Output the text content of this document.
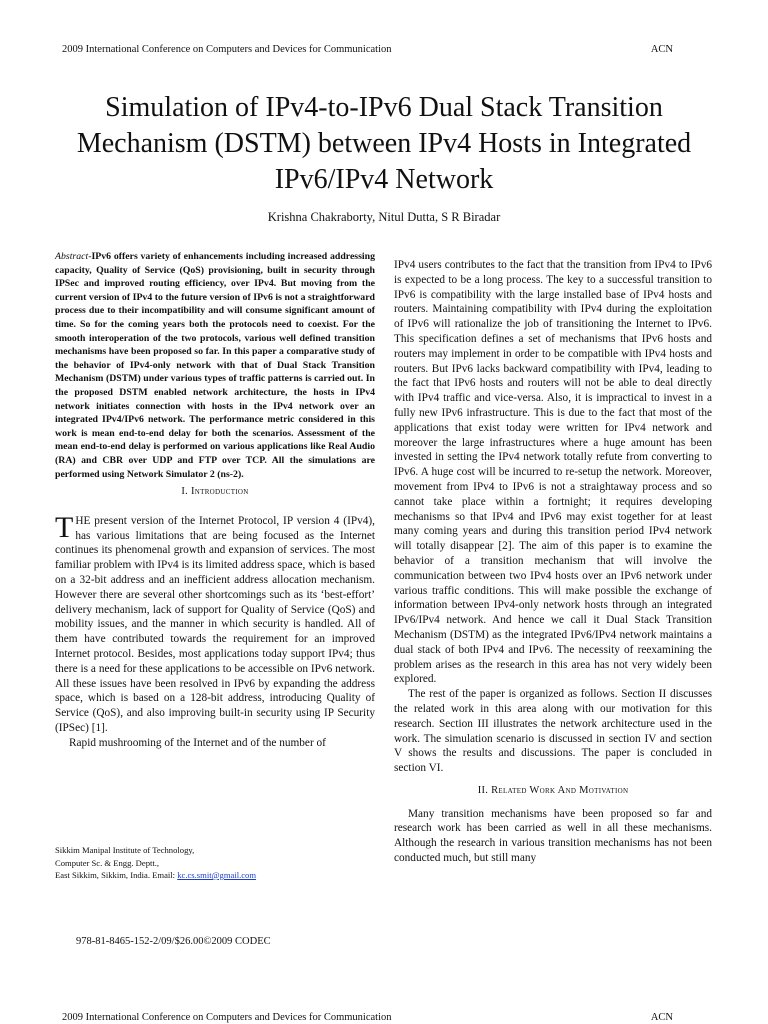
2009 International Conference on Computers and Devices for Communication	ACN
Simulation of IPv4-to-IPv6 Dual Stack Transition Mechanism (DSTM) between IPv4 Hosts in Integrated IPv6/IPv4 Network
Krishna Chakraborty, Nitul Dutta, S R Biradar

Abstract-IPv6 offers variety of enhancements including increased addressing capacity, Quality of Service (QoS) provisioning, built in security through IPSec and improved routing efficiency, over IPv4. But moving from the current version of IPv4 to the future version of IPv6 is not a straightforward process due to their incompatibility and will consume significant amount of time. So for the coming years both the protocols need to coexist. For the smooth interoperation of the two protocols, various well defined transition mechanisms have been proposed so far. In this paper a comparative study of the behavior of IPv4-only network with that of Dual Stack Transition Mechanism (DSTM) under various types of traffic patterns is carried out. In the proposed DSTM enabled network architecture, the hosts in IPv4 network initiates connection with hosts in the IPv4 network over an integrated IPv4/IPv6 network. The performance metric considered in this work is mean end-to-end delay for both the scenarios. Assessment of the mean end-to-end delay is performed on various applications like Real Audio (RA) and CBR over UDP and FTP over TCP. All the simulations are performed using Network Simulator 2 (ns-2).

I. Introduction

THE present version of the Internet Protocol, IP version 4 (IPv4), has various limitations that are being focused as the Internet continues its phenomenal growth and expansion of services. The most familiar problem with IPv4 is its limited address space, which is based on a 32-bit address and an inefficient address allocation mechanism. However there are several other shortcomings such as its ‘best-effort’ delivery mechanism, lack of support for Quality of Service (QoS) and mobility issues, and the manner in which security is handled. All of them have contributed towards the requirement for an improved Internet protocol. Besides, most applications today support IPv4; thus there is a need for these applications to be accessible on IPv6 network. All these issues have been resolved in IPv6 by expanding the address space, which is based on a 128-bit address, introducing Quality of Service (QoS), and also improving built-in security using IP Security (IPSec) [1].

Rapid mushrooming of the Internet and of the number of

IPv4 users contributes to the fact that the transition from IPv4 to IPv6 is expected to be a long process. The key to a successful transition to IPv6 is compatibility with the large installed base of IPv4 hosts and routers. Maintaining compatibility with IPv4 during the exploitation of IPv6 will rationalize the job of transitioning the Internet to IPv6. This specification defines a set of mechanisms that IPv6 hosts and routers may implement in order to be compatible with IPv4 hosts and routers. But IPv6 lacks backward compatibility with IPv4, leading to the fact that IPv6 hosts and routers will not be able to deal directly with IPv4 traffic and vice-versa. Also, it is impractical to invest in a fully new IPv6 infrastructure. This is due to the fact that most of the applications that exist today were written for IPv4 network and moreover the large infrastructures where a huge amount has been invested in setting the IPv4 network totally refute from converting to IPv6. A huge cost will be incurred to re-setup the network. Moreover, movement from IPv4 to IPv6 is not a straightaway process and so cannot take place within a fortnight; it requires developing mechanisms so that IPv4 and IPv6 may exist together for at least many coming years and during this transition period IPv4 network will totally disappear [2]. The aim of this paper is to examine the behavior of a transition mechanism that will involve the communication between two IPv4 hosts over an IPv6 network under various traffic conditions. This will make possible the exchange of information between IPv4-only network hosts through an integrated IPv6/IPv4 network. And hence we call it Dual Stack Transition Mechanism (DSTM) as the integrated IPv6/IPv4 network maintains a dual stack of both IPv4 and IPv6. The necessity of reexamining the problem arises as the research in this area has not very widely been explored.

The rest of the paper is organized as follows. Section II discusses the related work in this area along with our motivation for this research. Section III illustrates the network architecture used in the work. The simulation scenario is discussed in section IV and section V shows the results and discussions. The paper is concluded in section VI.

II. Related Work And Motivation

Many transition mechanisms have been proposed so far and research work has been carried as well in all these mechanisms. Although the research in various transition mechanisms has not been conducted much, but still many

Sikkim Manipal Institute of Technology,
Computer Sc. & Engg. Deptt.,
East Sikkim, Sikkim, India. Email: kc.cs.smit@gmail.com
978-81-8465-152-2/09/$26.00©2009 CODEC
2009 International Conference on Computers and Devices for Communication	ACN
